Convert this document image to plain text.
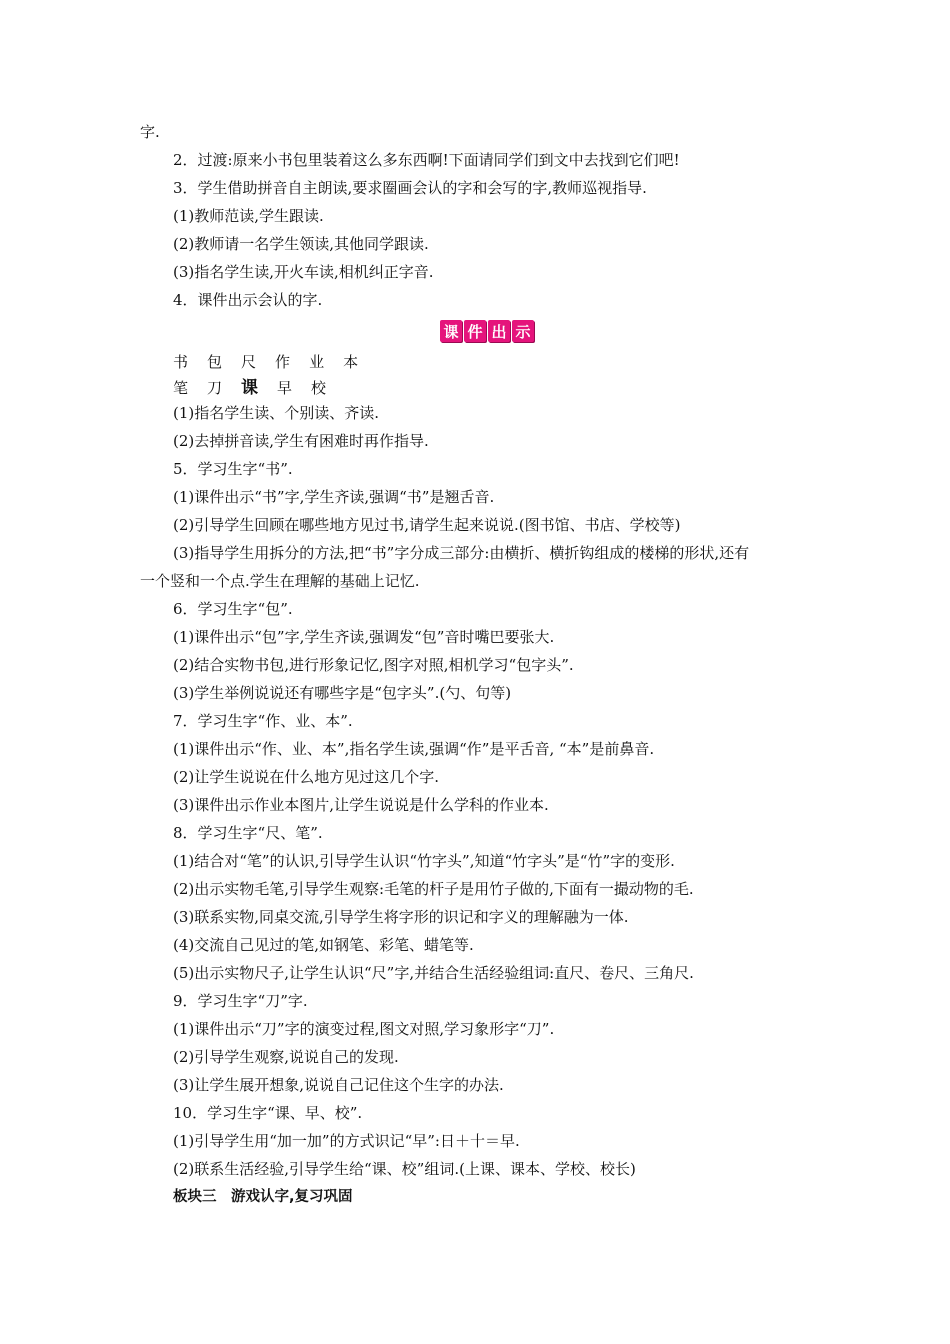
字.
2．过渡:原来小书包里装着这么多东西啊!下面请同学们到文中去找到它们吧!
3．学生借助拼音自主朗读,要求圈画会认的字和会写的字,教师巡视指导.
(1)教师范读,学生跟读.
(2)教师请一名学生领读,其他同学跟读.
(3)指名学生读,开火车读,相机纠正字音.
4．课件出示会认的字.
课 件 出 示
书 包 尺 作 业 本
笔 刀 课 早 校
(1)指名学生读、个别读、齐读.
(2)去掉拼音读,学生有困难时再作指导.
5．学习生字“书”.
(1)课件出示“书”字,学生齐读,强调“书”是翘舌音.
(2)引导学生回顾在哪些地方见过书,请学生起来说说.(图书馆、书店、学校等)
(3)指导学生用拆分的方法,把“书”字分成三部分:由横折、横折钩组成的楼梯的形状,还有
一个竖和一个点.学生在理解的基础上记忆.
6．学习生字“包”.
(1)课件出示“包”字,学生齐读,强调发“包”音时嘴巴要张大.
(2)结合实物书包,进行形象记忆,图字对照,相机学习“包字头”.
(3)学生举例说说还有哪些字是“包字头”.(勺、句等)
7．学习生字“作、业、本”.
(1)课件出示“作、业、本”,指名学生读,强调“作”是平舌音, “本”是前鼻音.
(2)让学生说说在什么地方见过这几个字.
(3)课件出示作业本图片,让学生说说是什么学科的作业本.
8．学习生字“尺、笔”.
(1)结合对“笔”的认识,引导学生认识“竹字头”,知道“竹字头”是“竹”字的变形.
(2)出示实物毛笔,引导学生观察:毛笔的杆子是用竹子做的,下面有一撮动物的毛.
(3)联系实物,同桌交流,引导学生将字形的识记和字义的理解融为一体.
(4)交流自己见过的笔,如钢笔、彩笔、蜡笔等.
(5)出示实物尺子,让学生认识“尺”字,并结合生活经验组词:直尺、卷尺、三角尺.
9．学习生字“刀”字.
(1)课件出示“刀”字的演变过程,图文对照,学习象形字“刀”.
(2)引导学生观察,说说自己的发现.
(3)让学生展开想象,说说自己记住这个生字的办法.
10．学习生字“课、早、校”.
(1)引导学生用“加一加”的方式识记“早”:日＋十＝早.
(2)联系生活经验,引导学生给“课、校”组词.(上课、课本、学校、校长)
板块三　游戏认字,复习巩固
